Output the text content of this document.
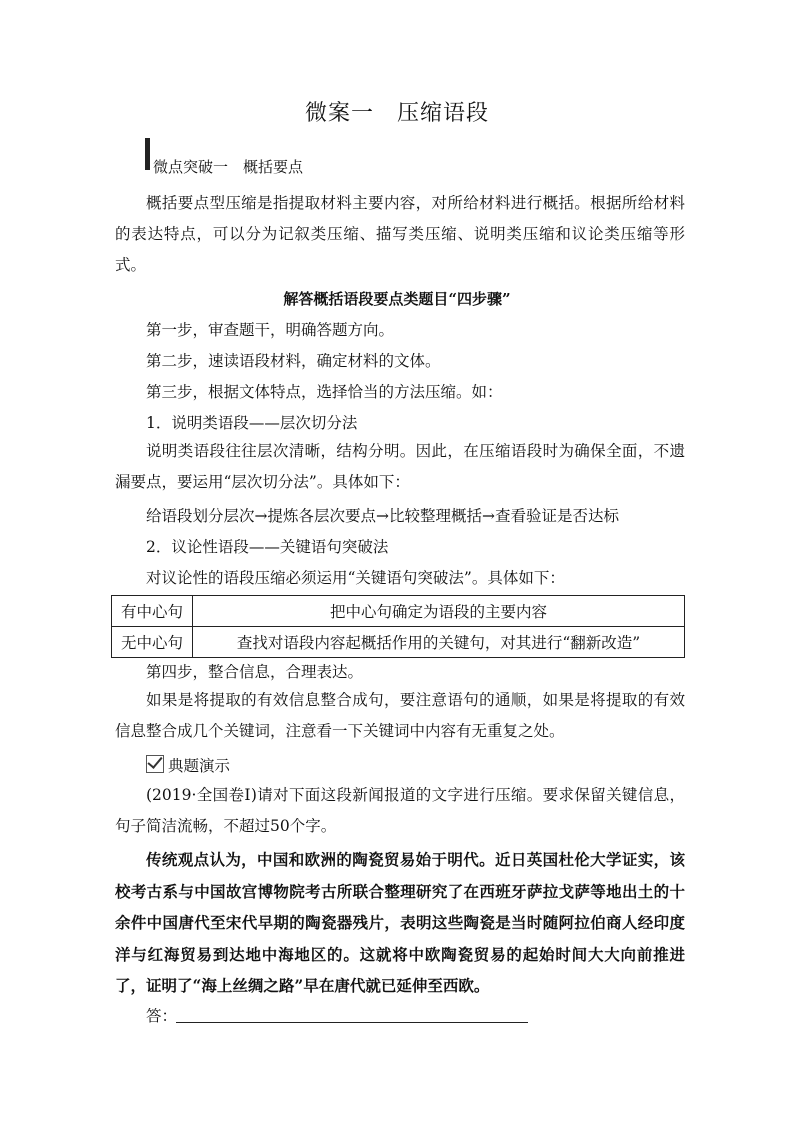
微案一　压缩语段
微点突破一　概括要点

概括要点型压缩是指提取材料主要内容，对所给材料进行概括。根据所给材料的表达特点，可以分为记叙类压缩、描写类压缩、说明类压缩和议论类压缩等形式。

解答概括语段要点类题目“四步骤”
第一步，审查题干，明确答题方向。
第二步，速读语段材料，确定材料的文体。
第三步，根据文体特点，选择恰当的方法压缩。如：
1．说明类语段——层次切分法

说明类语段往往层次清晰，结构分明。因此，在压缩语段时为确保全面，不遗漏要点，要运用“层次切分法”。具体如下：

给语段划分层次→提炼各层次要点→比较整理概括→查看验证是否达标
2．议论性语段——关键语句突破法
对议论性的语段压缩必须运用“关键语句突破法”。具体如下：
有中心句	把中心句确定为语段的主要内容
无中心句	查找对语段内容起概括作用的关键句，对其进行“翻新改造”
第四步，整合信息，合理表达。

如果是将提取的有效信息整合成句，要注意语句的通顺，如果是将提取的有效信息整合成几个关键词，注意看一下关键词中内容有无重复之处。

典题演示

(2019·全国卷Ⅰ)请对下面这段新闻报道的文字进行压缩。要求保留关键信息，句子简洁流畅，不超过50个字。

传统观点认为，中国和欧洲的陶瓷贸易始于明代。近日英国杜伦大学证实，该校考古系与中国故宫博物院考古所联合整理研究了在西班牙萨拉戈萨等地出土的十余件中国唐代至宋代早期的陶瓷器残片，表明这些陶瓷是当时随阿拉伯商人经印度洋与红海贸易到达地中海地区的。这就将中欧陶瓷贸易的起始时间大大向前推进了，证明了“海上丝绸之路”早在唐代就已延伸至西欧。

答：
